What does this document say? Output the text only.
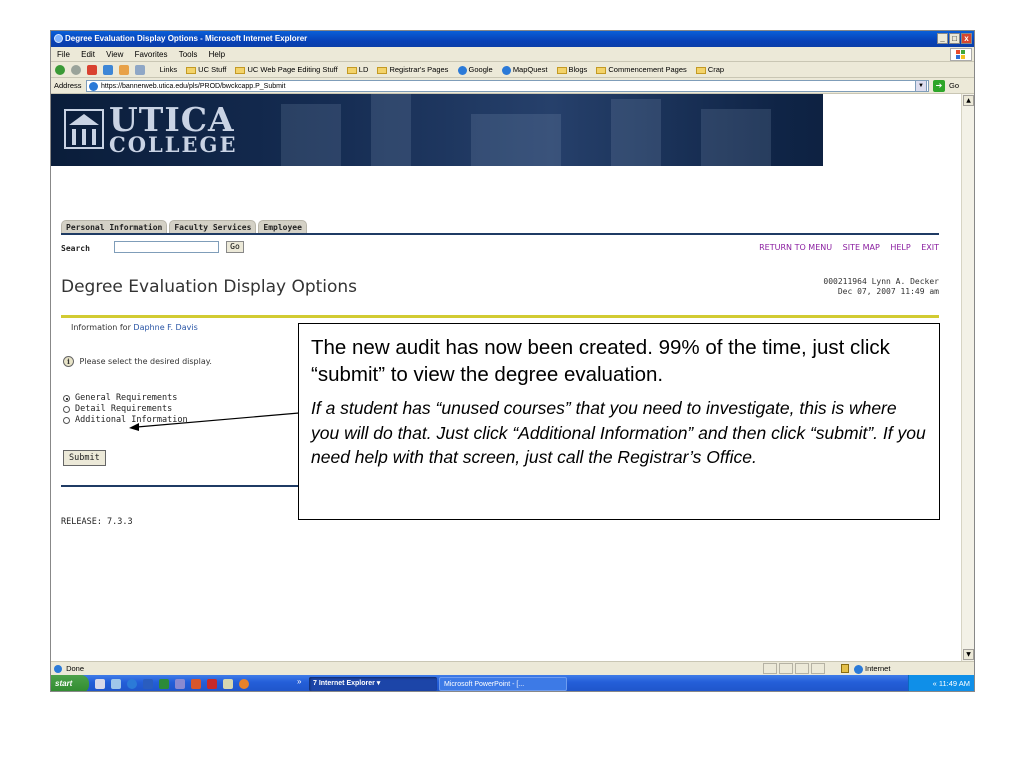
Degree Evaluation Display Options - Microsoft Internet Explorer	_ □ x
File Edit View Favorites Tools Help
Links	UC Stuff	UC Web Page Editing Stuff	LD	Registrar's Pages	Google	MapQuest	Blogs	Commencement Pages	Crap
Address	https://bannerweb.utica.edu/pls/PROD/bwckcapp.P_Submit	▼	➔ Go
UTICA
COLLEGE
Personal Information	Faculty Services	Employee
Search	Go	RETURN TO MENU SITE MAP HELP EXIT
Degree Evaluation Display Options	000211964 Lynn A. Decker
Dec 07, 2007 11:49 am
Information for Daphne F. Davis
i Please select the desired display.
General Requirements
Detail Requirements
Additional Information
Submit
RELEASE: 7.3.3
▲
▼
Done	Internet
start	»	7 Internet Explorer ▾	Microsoft PowerPoint - [...	« 11:49 AM

The new audit has now been created. 99% of the time, just click “submit” to view the degree evaluation.

If a student has “unused courses” that you need to investigate, this is where you will do that. Just click “Additional Information” and then click “submit”. If you need help with that screen, just call the Registrar’s Office.
